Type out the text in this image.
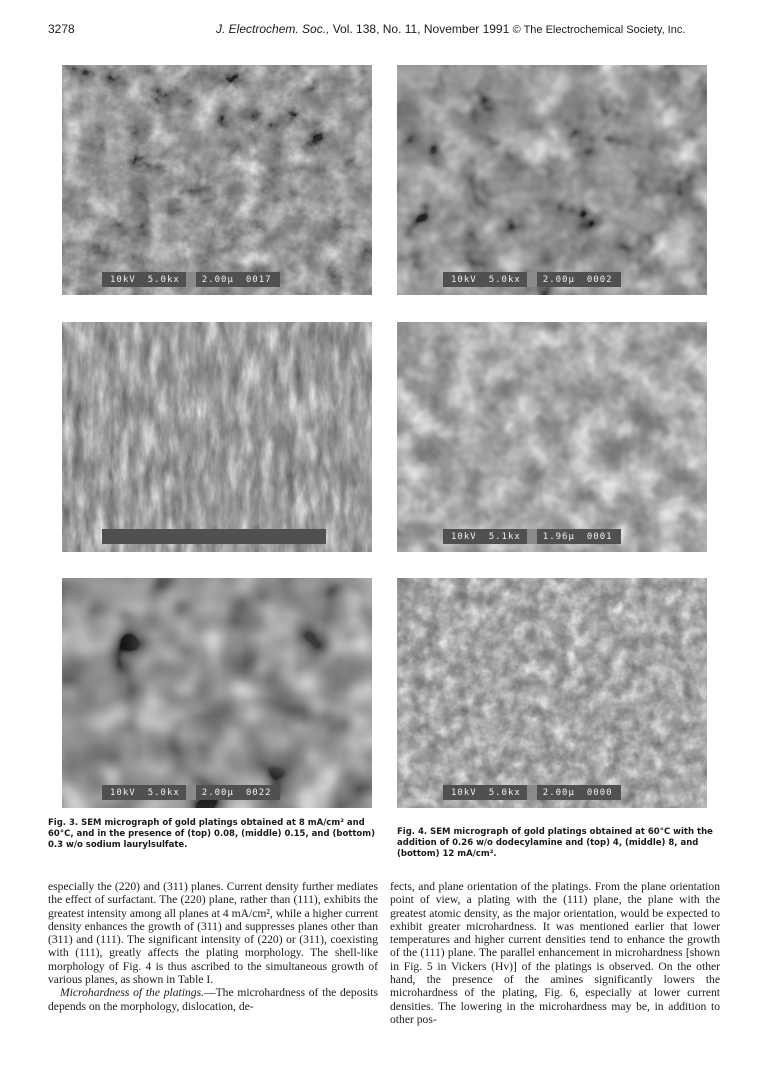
3278	J. Electrochem. Soc., Vol. 138, No. 11, November 1991 © The Electrochemical Society, Inc.
10kV	5.0kx	2.00μ	0017	10kV	5.0kx	2.00μ	0002
10kV	5.1kx	1.96μ	0001
10kV	5.0kx	2.00μ	0022	10kV	5.0kx	2.00μ	0000
Fig. 3. SEM micrograph of gold platings obtained at 8 mA/cm² and 60°C, and in the presence of (top) 0.08, (middle) 0.15, and (bottom) 0.3 w/o sodium laurylsulfate.
Fig. 4. SEM micrograph of gold platings obtained at 60°C with the addition of 0.26 w/o dodecylamine and (top) 4, (middle) 8, and (bottom) 12 mA/cm².

especially the (220) and (311) planes. Current density further mediates the effect of surfactant. The (220) plane, rather than (111), exhibits the greatest intensity among all planes at 4 mA/cm², while a higher current density enhances the growth of (311) and suppresses planes other than (311) and (111). The significant intensity of (220) or (311), coexisting with (111), greatly affects the plating morphology. The shell-like morphology of Fig. 4 is thus ascribed to the simultaneous growth of various planes, as shown in Table I.

Microhardness of the platings.—The microhardness of the deposits depends on the morphology, dislocation, de-

fects, and plane orientation of the platings. From the plane orientation point of view, a plating with the (111) plane, the plane with the greatest atomic density, as the major orientation, would be expected to exhibit greater microhardness. It was mentioned earlier that lower temperatures and higher current densities tend to enhance the growth of the (111) plane. The parallel enhancement in microhardness [shown in Fig. 5 in Vickers (Hv)] of the platings is observed. On the other hand, the presence of the amines significantly lowers the microhardness of the plating, Fig. 6, especially at lower current densities. The lowering in the microhardness may be, in addition to other pos-
